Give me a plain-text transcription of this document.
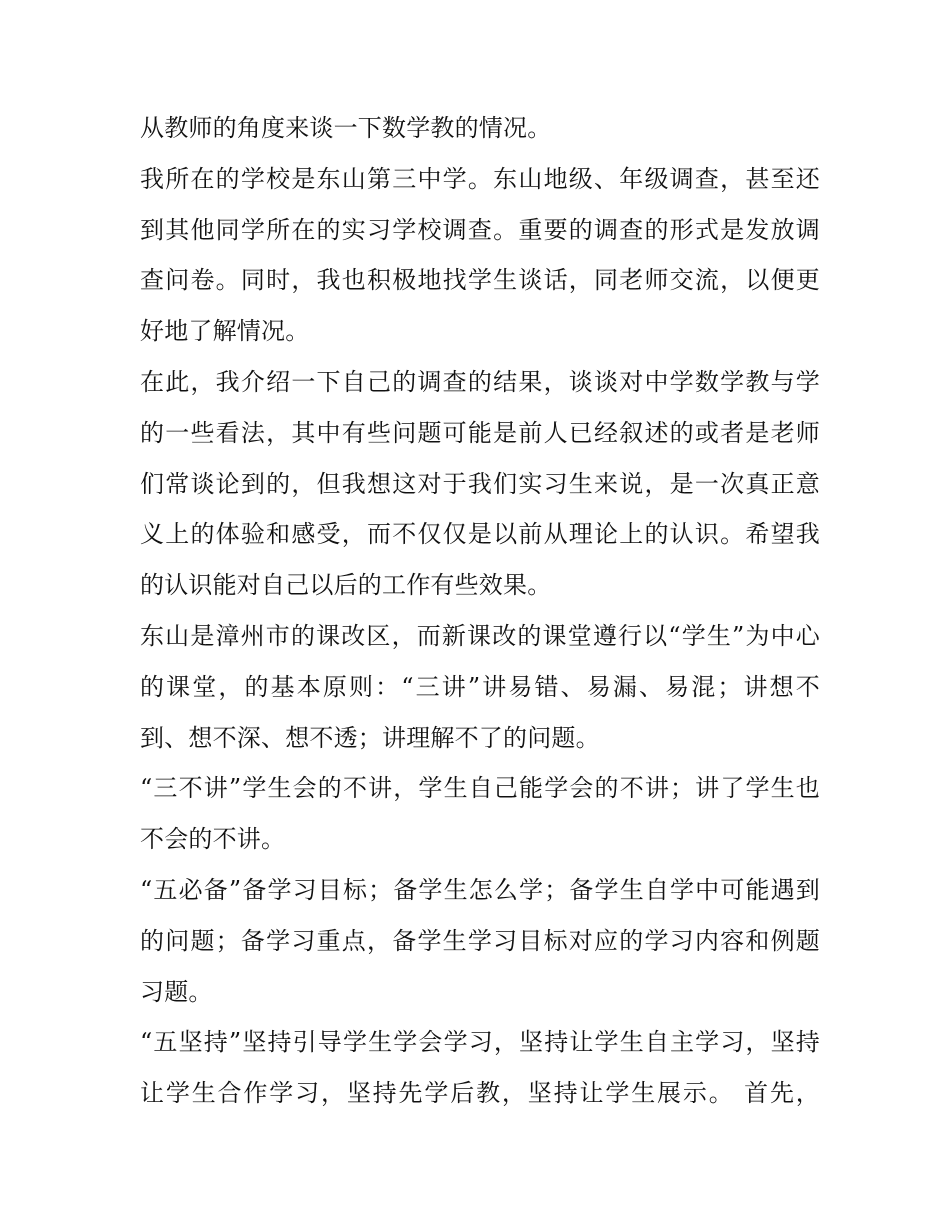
从教师的角度来谈一下数学教的情况。
我所在的学校是东山第三中学。东山地级、年级调查，甚至还
到其他同学所在的实习学校调查。重要的调查的形式是发放调
查问卷。同时，我也积极地找学生谈话，同老师交流，以便更
好地了解情况。
在此，我介绍一下自己的调查的结果，谈谈对中学数学教与学
的一些看法，其中有些问题可能是前人已经叙述的或者是老师
们常谈论到的，但我想这对于我们实习生来说，是一次真正意
义上的体验和感受，而不仅仅是以前从理论上的认识。希望我
的认识能对自己以后的工作有些效果。
东山是漳州市的课改区，而新课改的课堂遵行以“学生”为中心
的课堂，的基本原则：“三讲”讲易错、易漏、易混；讲想不
到、想不深、想不透；讲理解不了的问题。
“三不讲”学生会的不讲，学生自己能学会的不讲；讲了学生也
不会的不讲。
“五必备”备学习目标；备学生怎么学；备学生自学中可能遇到
的问题；备学习重点，备学生学习目标对应的学习内容和例题
习题。
“五坚持”坚持引导学生学会学习，坚持让学生自主学习，坚持
让学生合作学习，坚持先学后教，坚持让学生展示。 首先，
